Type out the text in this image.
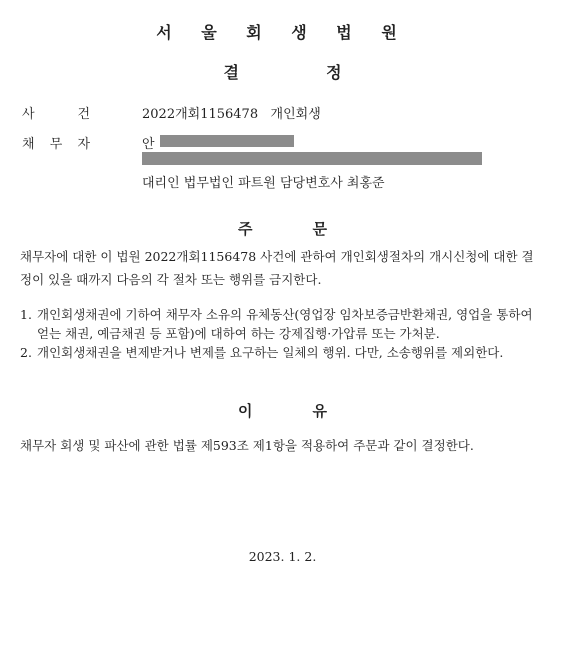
서 울 회 생 법 원
결	정
사	건	2022개회1156478 개인회생
채 무 자	안
대리인 법무법인 파트원 담당변호사 최홍준
주	문
채무자에 대한 이 법원 2022개회1156478 사건에 관하여 개인회생절차의 개시신청에 대한 결정이 있을 때까지 다음의 각 절차 또는 행위를 금지한다.
1. 개인회생채권에 기하여 채무자 소유의 유체동산(영업장 임차보증금반환채권, 영업을 통하여 얻는 채권, 예금채권 등 포함)에 대하여 하는 강제집행·가압류 또는 가처분.
2. 개인회생채권을 변제받거나 변제를 요구하는 일체의 행위. 다만, 소송행위를 제외한다.
이	유
채무자 회생 및 파산에 관한 법률 제593조 제1항을 적용하여 주문과 같이 결정한다.
2023. 1. 2.
